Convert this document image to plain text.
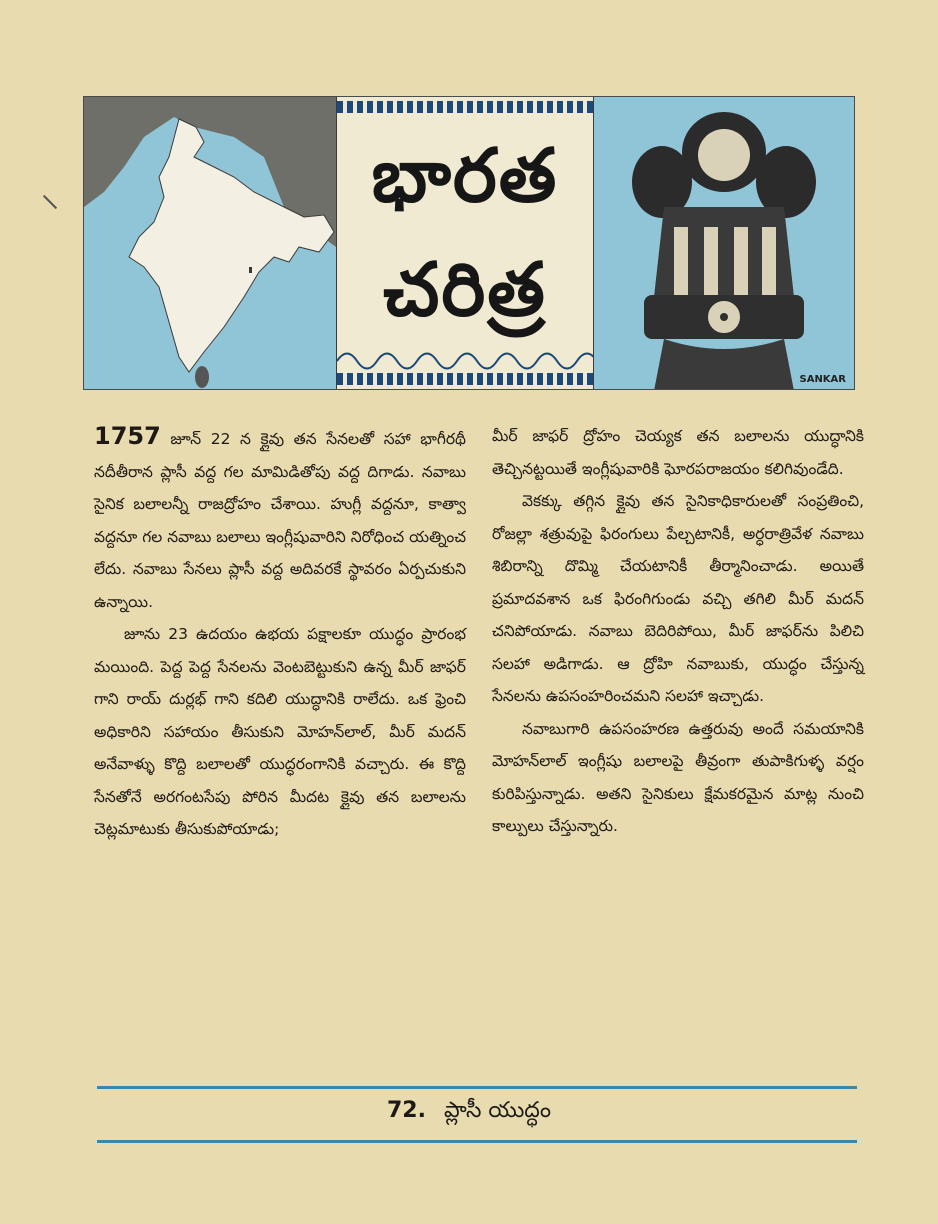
భారత
చరిత్ర
SANKAR

1757 జూన్ 22 న క్లైవు తన సేనలతో సహా భాగీరథీ నదీతీరాన ప్లాసీ వద్ద గల మామిడితోపు వద్ద దిగాడు. నవాబు సైనిక బలాలన్నీ రాజద్రోహం చేశాయి. హుగ్లీ వద్దనూ, కాత్వా వద్దనూ గల నవాబు బలాలు ఇంగ్లీషువారిని నిరోధించ యత్నించ లేదు. నవాబు సేనలు ప్లాసీ వద్ద అదివరకే స్థావరం ఏర్పచుకుని ఉన్నాయి.

జూను 23 ఉదయం ఉభయ పక్షాలకూ యుద్ధం ప్రారంభ మయింది. పెద్ద పెద్ద సేనలను వెంటబెట్టుకుని ఉన్న మీర్ జాఫర్ గాని రాయ్ దుర్లభ్ గాని కదిలి యుద్ధానికి రాలేదు. ఒక ఫ్రెంచి అధికారిని సహాయం తీసుకుని మోహన్‌లాల్, మీర్ మదన్ అనేవాళ్ళు కొద్ది బలాలతో యుద్ధరంగానికి వచ్చారు. ఈ కొద్ది సేనతోనే అరగంటసేపు పోరిన మీదట క్లైవు తన బలాలను చెట్లమాటుకు తీసుకుపోయాడు;

మీర్ జాఫర్ ద్రోహం చెయ్యక తన బలాలను యుద్ధానికి తెచ్చినట్టయితే ఇంగ్లీషువారికి ఘోరపరాజయం కలిగివుండేది.

వెకక్కు తగ్గిన క్లైవు తన సైనికాధికారులతో సంప్రతించి, రోజల్లా శత్రువుపై ఫిరంగులు పేల్చటానికీ, అర్ధరాత్రివేళ నవాబు శిబిరాన్ని దొమ్మి చేయటానికీ తీర్మానించాడు. అయితే ప్రమాదవశాన ఒక ఫిరంగిగుండు వచ్చి తగిలి మీర్ మదన్ చనిపోయాడు. నవాబు బెదిరిపోయి, మీర్ జాఫర్‌ను పిలిచి సలహా అడిగాడు. ఆ ద్రోహి నవాబుకు, యుద్ధం చేస్తున్న సేనలను ఉపసంహరించమని సలహా ఇచ్చాడు.

నవాబుగారి ఉపసంహరణ ఉత్తరువు అందే సమయానికి మోహన్‌లాల్ ఇంగ్లీషు బలాలపై తీవ్రంగా తుపాకిగుళ్ళ వర్షం కురిపిస్తున్నాడు. అతని సైనికులు క్షేమకరమైన మాట్ల నుంచి కాల్పులు చేస్తున్నారు.

72. ప్లాసీ యుద్ధం
